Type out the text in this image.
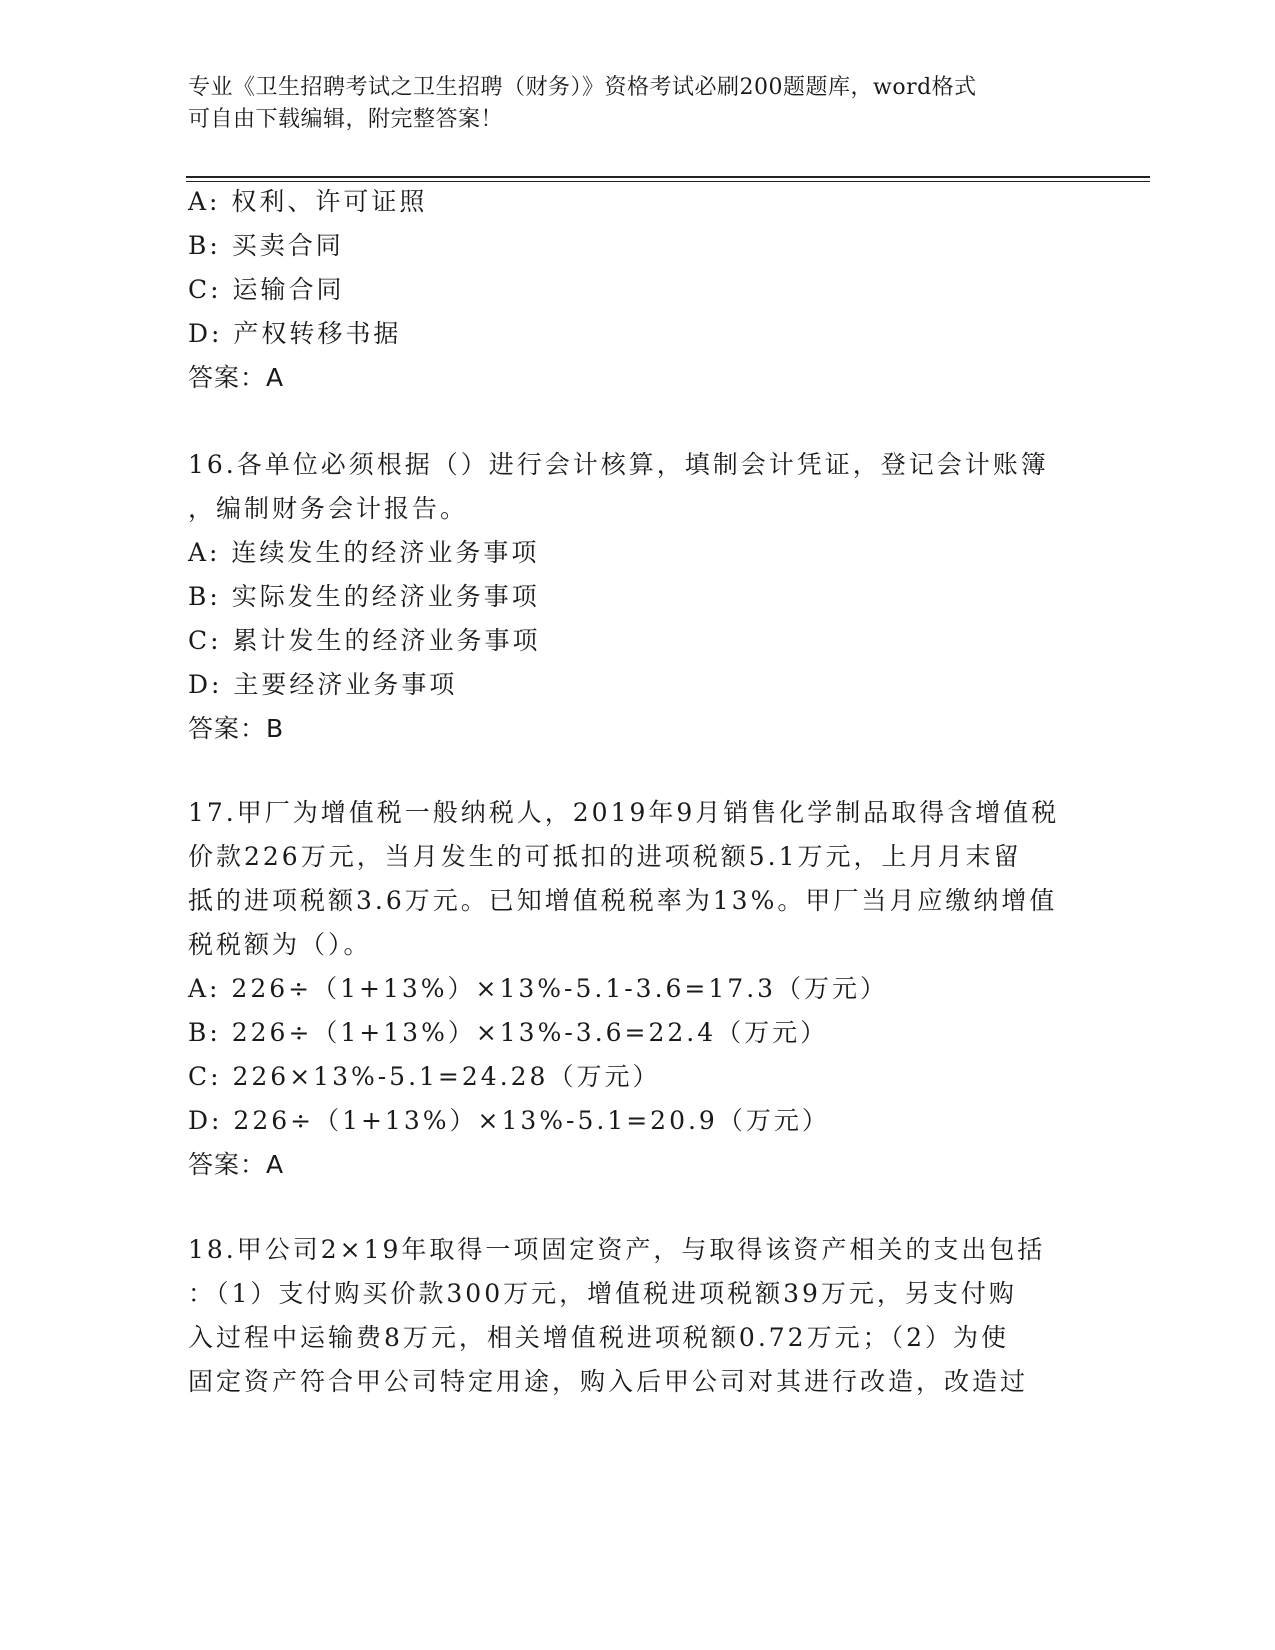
专业《卫生招聘考试之卫生招聘（财务）》资格考试必刷200题题库，word格式
可自由下载编辑，附完整答案！
A: 权利、许可证照
B: 买卖合同
C: 运输合同
D: 产权转移书据
答案：A
16.各单位必须根据（）进行会计核算，填制会计凭证，登记会计账簿
，编制财务会计报告。
A: 连续发生的经济业务事项
B: 实际发生的经济业务事项
C: 累计发生的经济业务事项
D: 主要经济业务事项
答案：B
17.甲厂为增值税一般纳税人，2019年9月销售化学制品取得含增值税
价款226万元，当月发生的可抵扣的进项税额5.1万元，上月月末留
抵的进项税额3.6万元。已知增值税税率为13%。甲厂当月应缴纳增值
税税额为（）。
A: 226÷（1+13%）×13%-5.1-3.6=17.3（万元）
B: 226÷（1+13%）×13%-3.6=22.4（万元）
C: 226×13%-5.1=24.28（万元）
D: 226÷（1+13%）×13%-5.1=20.9（万元）
答案：A
18.甲公司2×19年取得一项固定资产，与取得该资产相关的支出包括
：（1）支付购买价款300万元，增值税进项税额39万元，另支付购
入过程中运输费8万元，相关增值税进项税额0.72万元；（2）为使
固定资产符合甲公司特定用途，购入后甲公司对其进行改造，改造过
